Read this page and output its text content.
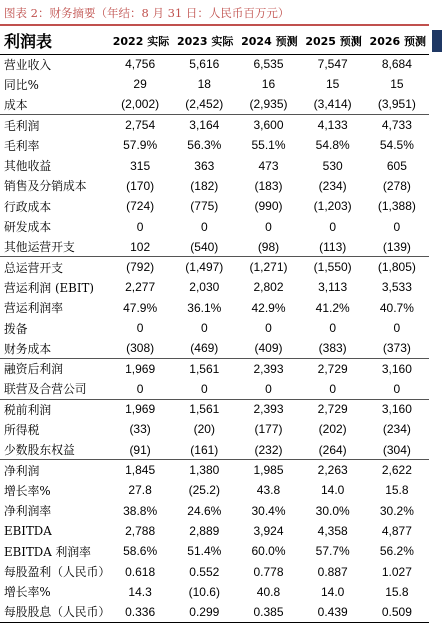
图表 2：财务摘要（年结：8 月 31 日：人民币百万元）
利润表	2022 实际	2023 实际	2024 预测	2025 预测	2026 预测
营业收入	4,756	5,616	6,535	7,547	8,684
同比%	29	18	16	15	15
成本	(2,002)	(2,452)	(2,935)	(3,414)	(3,951)
毛利润	2,754	3,164	3,600	4,133	4,733
毛利率	57.9%	56.3%	55.1%	54.8%	54.5%
其他收益	315	363	473	530	605
销售及分销成本	(170)	(182)	(183)	(234)	(278)
行政成本	(724)	(775)	(990)	(1,203)	(1,388)
研发成本	0	0	0	0	0
其他运营开支	102	(540)	(98)	(113)	(139)
总运营开支	(792)	(1,497)	(1,271)	(1,550)	(1,805)
营运利润 (EBIT)	2,277	2,030	2,802	3,113	3,533
营运利润率	47.9%	36.1%	42.9%	41.2%	40.7%
拨备	0	0	0	0	0
财务成本	(308)	(469)	(409)	(383)	(373)
融资后利润	1,969	1,561	2,393	2,729	3,160
联营及合营公司	0	0	0	0	0
税前利润	1,969	1,561	2,393	2,729	3,160
所得税	(33)	(20)	(177)	(202)	(234)
少数股东权益	(91)	(161)	(232)	(264)	(304)
净利润	1,845	1,380	1,985	2,263	2,622
增长率%	27.8	(25.2)	43.8	14.0	15.8
净利润率	38.8%	24.6%	30.4%	30.0%	30.2%
EBITDA	2,788	2,889	3,924	4,358	4,877
EBITDA 利润率	58.6%	51.4%	60.0%	57.7%	56.2%
每股盈利（人民币）	0.618	0.552	0.778	0.887	1.027
增长率%	14.3	(10.6)	40.8	14.0	15.8
每股股息（人民币）	0.336	0.299	0.385	0.439	0.509
